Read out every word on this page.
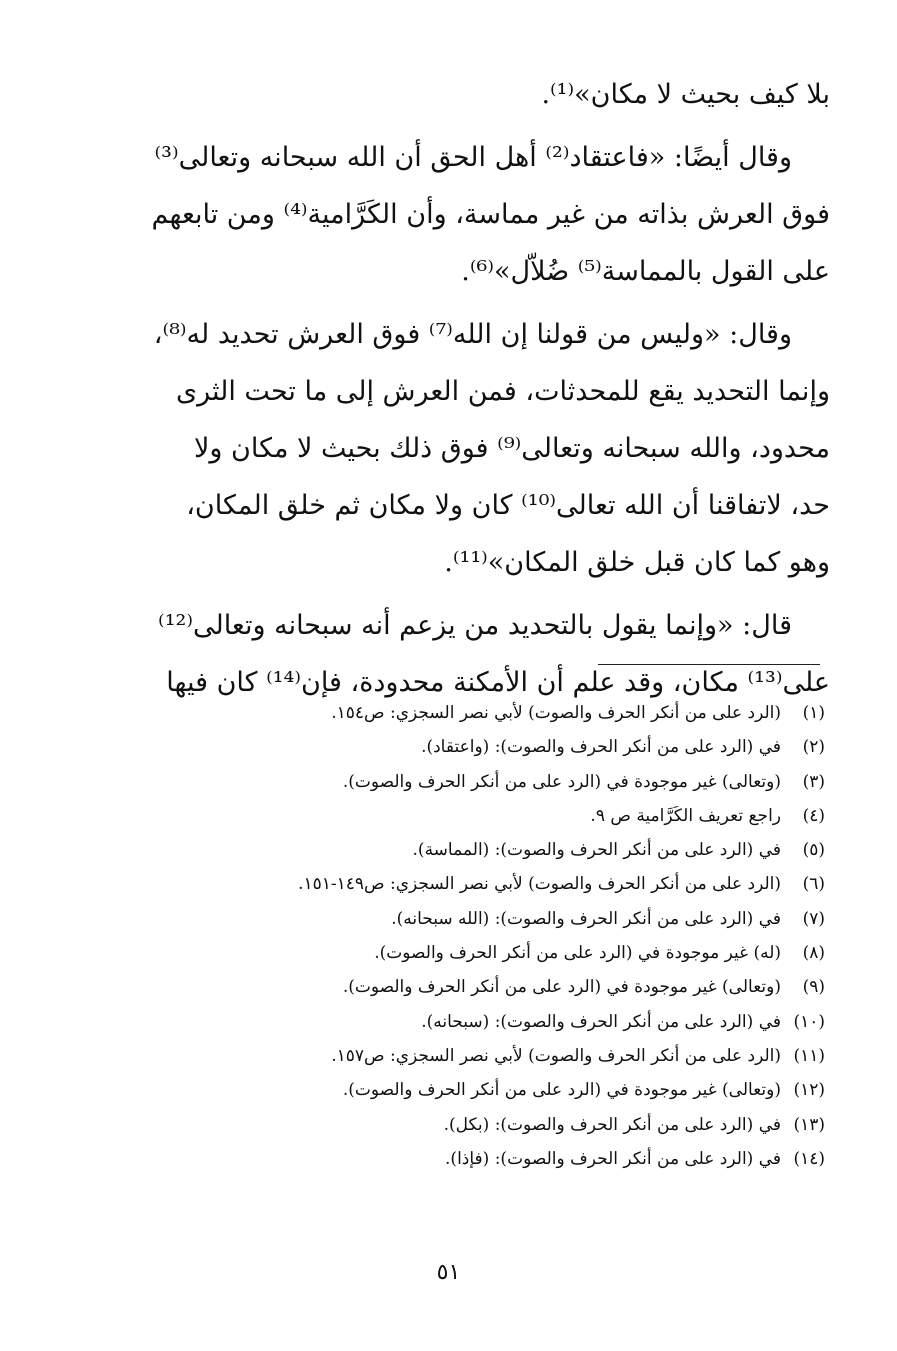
بلا كيف بحيث لا مكان»⁽¹⁾.
وقال أيضًا: «فاعتقاد⁽²⁾ أهل الحق أن الله سبحانه وتعالى⁽³⁾
فوق العرش بذاته من غير مماسة، وأن الكَرَّامية⁽⁴⁾ ومن تابعهم
على القول بالمماسة⁽⁵⁾ ضُلاّل»⁽⁶⁾.
وقال: «وليس من قولنا إن الله⁽⁷⁾ فوق العرش تحديد له⁽⁸⁾،
وإنما التحديد يقع للمحدثات، فمن العرش إلى ما تحت الثرى
محدود، والله سبحانه وتعالى⁽⁹⁾ فوق ذلك بحيث لا مكان ولا
حد، لاتفاقنا أن الله تعالى⁽¹⁰⁾ كان ولا مكان ثم خلق المكان،
وهو كما كان قبل خلق المكان»⁽¹¹⁾.
قال: «وإنما يقول بالتحديد من يزعم أنه سبحانه وتعالى⁽¹²⁾
على⁽¹³⁾ مكان، وقد علم أن الأمكنة محدودة، فإن⁽¹⁴⁾ كان فيها
(١)
(الرد على من أنكر الحرف والصوت) لأبي نصر السجزي: ص١٥٤.
(٢)
في (الرد على من أنكر الحرف والصوت): (واعتقاد).
(٣)
(وتعالى) غير موجودة في (الرد على من أنكر الحرف والصوت).
(٤)
راجع تعريف الكَرَّامية ص ٩.
(٥)
في (الرد على من أنكر الحرف والصوت): (المماسة).
(٦)
(الرد على من أنكر الحرف والصوت) لأبي نصر السجزي: ص١٤٩-١٥١.
(٧)
في (الرد على من أنكر الحرف والصوت): (الله سبحانه).
(٨)
(له) غير موجودة في (الرد على من أنكر الحرف والصوت).
(٩)
(وتعالى) غير موجودة في (الرد على من أنكر الحرف والصوت).
(١٠)
في (الرد على من أنكر الحرف والصوت): (سبحانه).
(١١)
(الرد على من أنكر الحرف والصوت) لأبي نصر السجزي: ص١٥٧.
(١٢)
(وتعالى) غير موجودة في (الرد على من أنكر الحرف والصوت).
(١٣)
في (الرد على من أنكر الحرف والصوت): (بكل).
(١٤)
في (الرد على من أنكر الحرف والصوت): (فإذا).
٥١
